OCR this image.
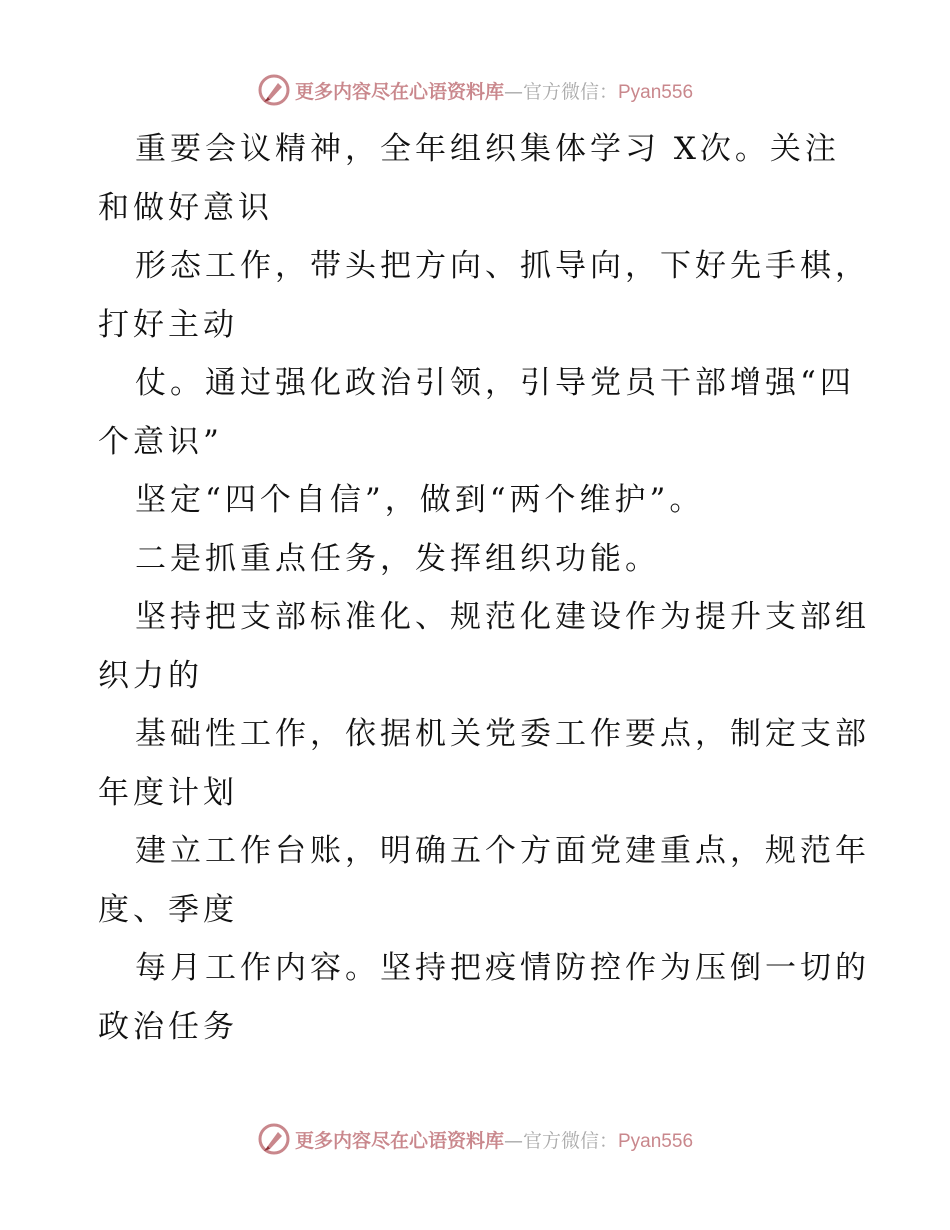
更多内容尽在心语资料库—官方微信：Pyan556
重要会议精神，全年组织集体学习 X次。关注
和做好意识
形态工作，带头把方向、抓导向，下好先手棋，
打好主动
仗。通过强化政治引领，引导党员干部增强“四
个意识”
坚定“四个自信”，做到“两个维护”。
二是抓重点任务，发挥组织功能。
坚持把支部标准化、规范化建设作为提升支部组
织力的
基础性工作，依据机关党委工作要点，制定支部
年度计划
建立工作台账，明确五个方面党建重点，规范年
度、季度
每月工作内容。坚持把疫情防控作为压倒一切的
政治任务
更多内容尽在心语资料库—官方微信：Pyan556
